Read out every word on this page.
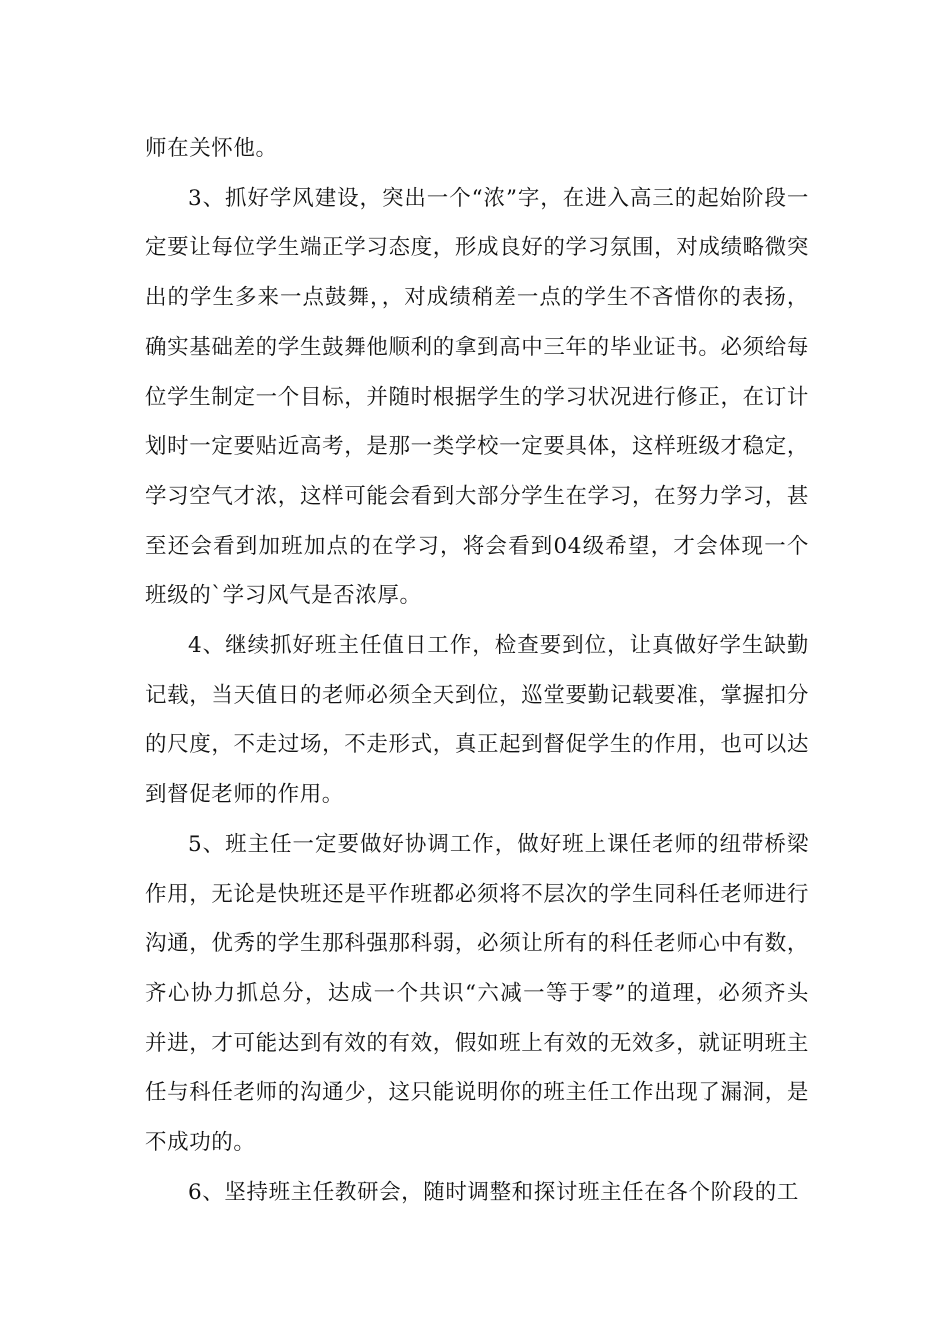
师在关怀他。

3、抓好学风建设，突出一个“浓”字，在进入高三的起始阶段一定要让每位学生端正学习态度，形成良好的学习氛围，对成绩略微突出的学生多来一点鼓舞，，对成绩稍差一点的学生不吝惜你的表扬，确实基础差的学生鼓舞他顺利的拿到高中三年的毕业证书。必须给每位学生制定一个目标，并随时根据学生的学习状况进行修正，在订计划时一定要贴近高考，是那一类学校一定要具体，这样班级才稳定，学习空气才浓，这样可能会看到大部分学生在学习，在努力学习，甚至还会看到加班加点的在学习，将会看到04级希望，才会体现一个班级的`学习风气是否浓厚。

4、继续抓好班主任值日工作，检查要到位，让真做好学生缺勤记载，当天值日的老师必须全天到位，巡堂要勤记载要准，掌握扣分的尺度，不走过场，不走形式，真正起到督促学生的作用，也可以达到督促老师的作用。

5、班主任一定要做好协调工作，做好班上课任老师的纽带桥梁作用，无论是快班还是平作班都必须将不层次的学生同科任老师进行沟通，优秀的学生那科强那科弱，必须让所有的科任老师心中有数，齐心协力抓总分，达成一个共识“六减一等于零”的道理，必须齐头并进，才可能达到有效的有效，假如班上有效的无效多，就证明班主任与科任老师的沟通少，这只能说明你的班主任工作出现了漏洞，是不成功的。

6、坚持班主任教研会，随时调整和探讨班主任在各个阶段的工
